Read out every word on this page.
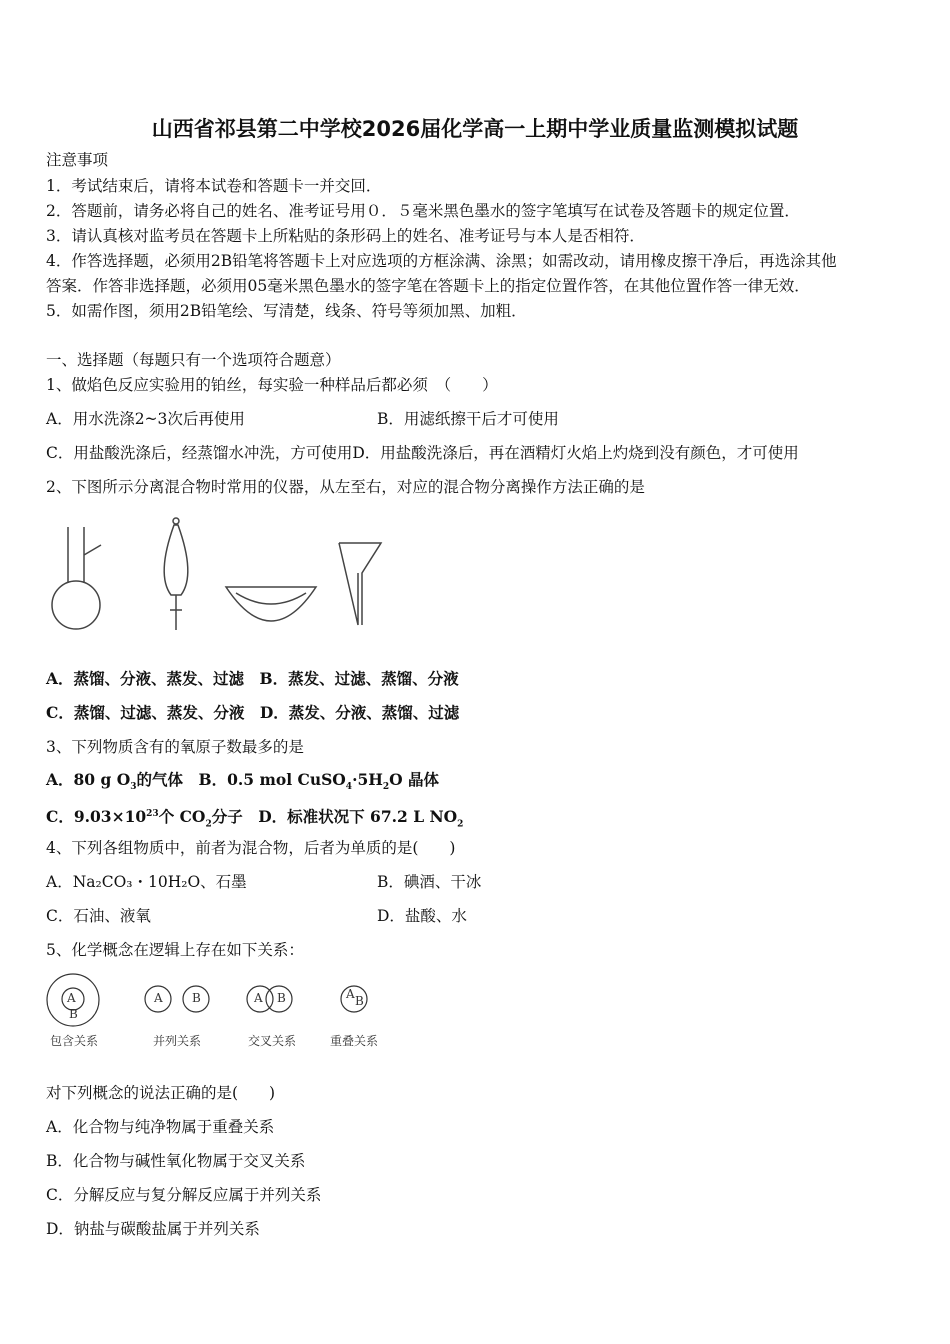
山西省祁县第二中学校2026届化学高一上期中学业质量监测模拟试题
注意事项
1．考试结束后，请将本试卷和答题卡一并交回．
2．答题前，请务必将自己的姓名、准考证号用０．５毫米黑色墨水的签字笔填写在试卷及答题卡的规定位置．
3．请认真核对监考员在答题卡上所粘贴的条形码上的姓名、准考证号与本人是否相符．
4．作答选择题，必须用2B铅笔将答题卡上对应选项的方框涂满、涂黑；如需改动，请用橡皮擦干净后，再选涂其他
答案．作答非选择题，必须用05毫米黑色墨水的签字笔在答题卡上的指定位置作答，在其他位置作答一律无效．
5．如需作图，须用2B铅笔绘、写清楚，线条、符号等须加黑、加粗．
一、选择题（每题只有一个选项符合题意）
1、做焰色反应实验用的铂丝，每实验一种样品后都必须　（　　）
A．用水洗涤2~3次后再使用	B．用滤纸擦干后才可使用
C．用盐酸洗涤后，经蒸馏水冲洗，方可使用D．用盐酸洗涤后，再在酒精灯火焰上灼烧到没有颜色，才可使用
2、下图所示分离混合物时常用的仪器，从左至右，对应的混合物分离操作方法正确的是
A．蒸馏、分液、蒸发、过滤　B．蒸发、过滤、蒸馏、分液
C．蒸馏、过滤、蒸发、分液　D．蒸发、分液、蒸馏、过滤
3、下列物质含有的氧原子数最多的是
A．80 g $O_3$的气体　B．0.5 mol $CuSO_4\cdot 5H_2O$ 晶体
C．$9.03\times 10^{23}$个 $CO_2$分子　D．标准状况下 67.2 L $NO_2$
4、下列各组物质中，前者为混合物，后者为单质的是(　　)
A．Na₂CO₃・10H₂O、石墨	B．碘酒、干冰
C．石油、液氧	D．盐酸、水
5、化学概念在逻辑上存在如下关系：
A
B
A B	A B	A B
包含关系	并列关系	交叉关系	重叠关系
对下列概念的说法正确的是(　　)
A．化合物与纯净物属于重叠关系
B．化合物与碱性氧化物属于交叉关系
C．分解反应与复分解反应属于并列关系
D．钠盐与碳酸盐属于并列关系
